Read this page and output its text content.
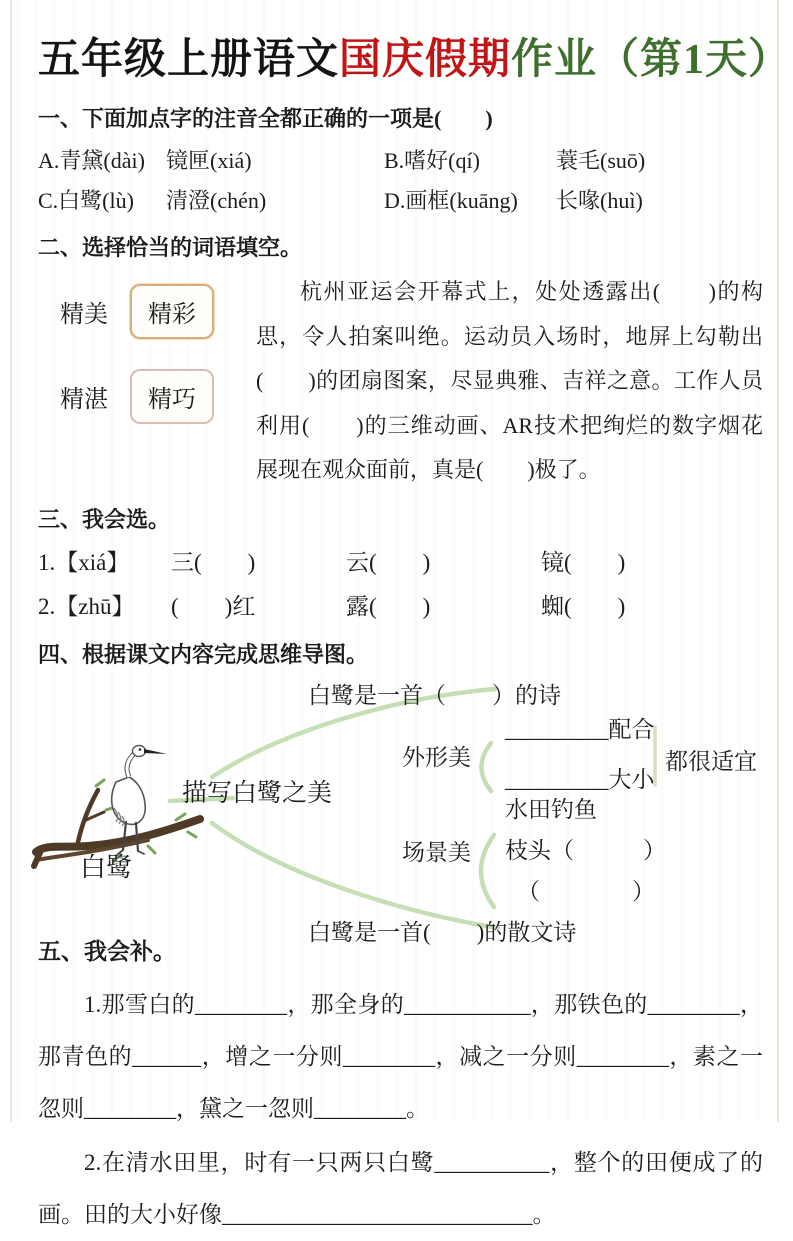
五年级上册语文国庆假期作业（第1天）
一、下面加点字的注音全都正确的一项是(　　)
A.青黛(dài) 镜匣(xiá)	B.嗜好(qí)	蓑毛(suō)
C.白鹭(lù)	清澄(chén)	D.画框(kuāng)	长喙(huì)
二、选择恰当的词语填空。
精美	精彩
精湛	精巧
杭州亚运会开幕式上，处处透露出(　　)的构思，令人拍案叫绝。运动员入场时，地屏上勾勒出(　　)的团扇图案，尽显典雅、吉祥之意。工作人员利用(　　)的三维动画、AR技术把绚烂的数字烟花展现在观众面前，真是(　　)极了。
三、我会选。
1.【xiá】	三(　　)	云(　　)	镜(　　)
2.【zhū】	(　　)红	露(　　)	蜘(　　)
四、根据课文内容完成思维导图。
白鹭是一首（　　）的诗
白鹭
描写白鹭之美
外形美
_________配合
_________大小
都很适宜
水田钓鱼
场景美 枝头（　　　）
（　　　　）
白鹭是一首(　　)的散文诗
五、我会补。
1.那雪白的________，那全身的___________，那铁色的________，那青色的______，增之一分则________，减之一分则________，素之一忽则________，黛之一忽则________。
2.在清水田里，时有一只两只白鹭__________，整个的田便成了的画。田的大小好像___________________________。
